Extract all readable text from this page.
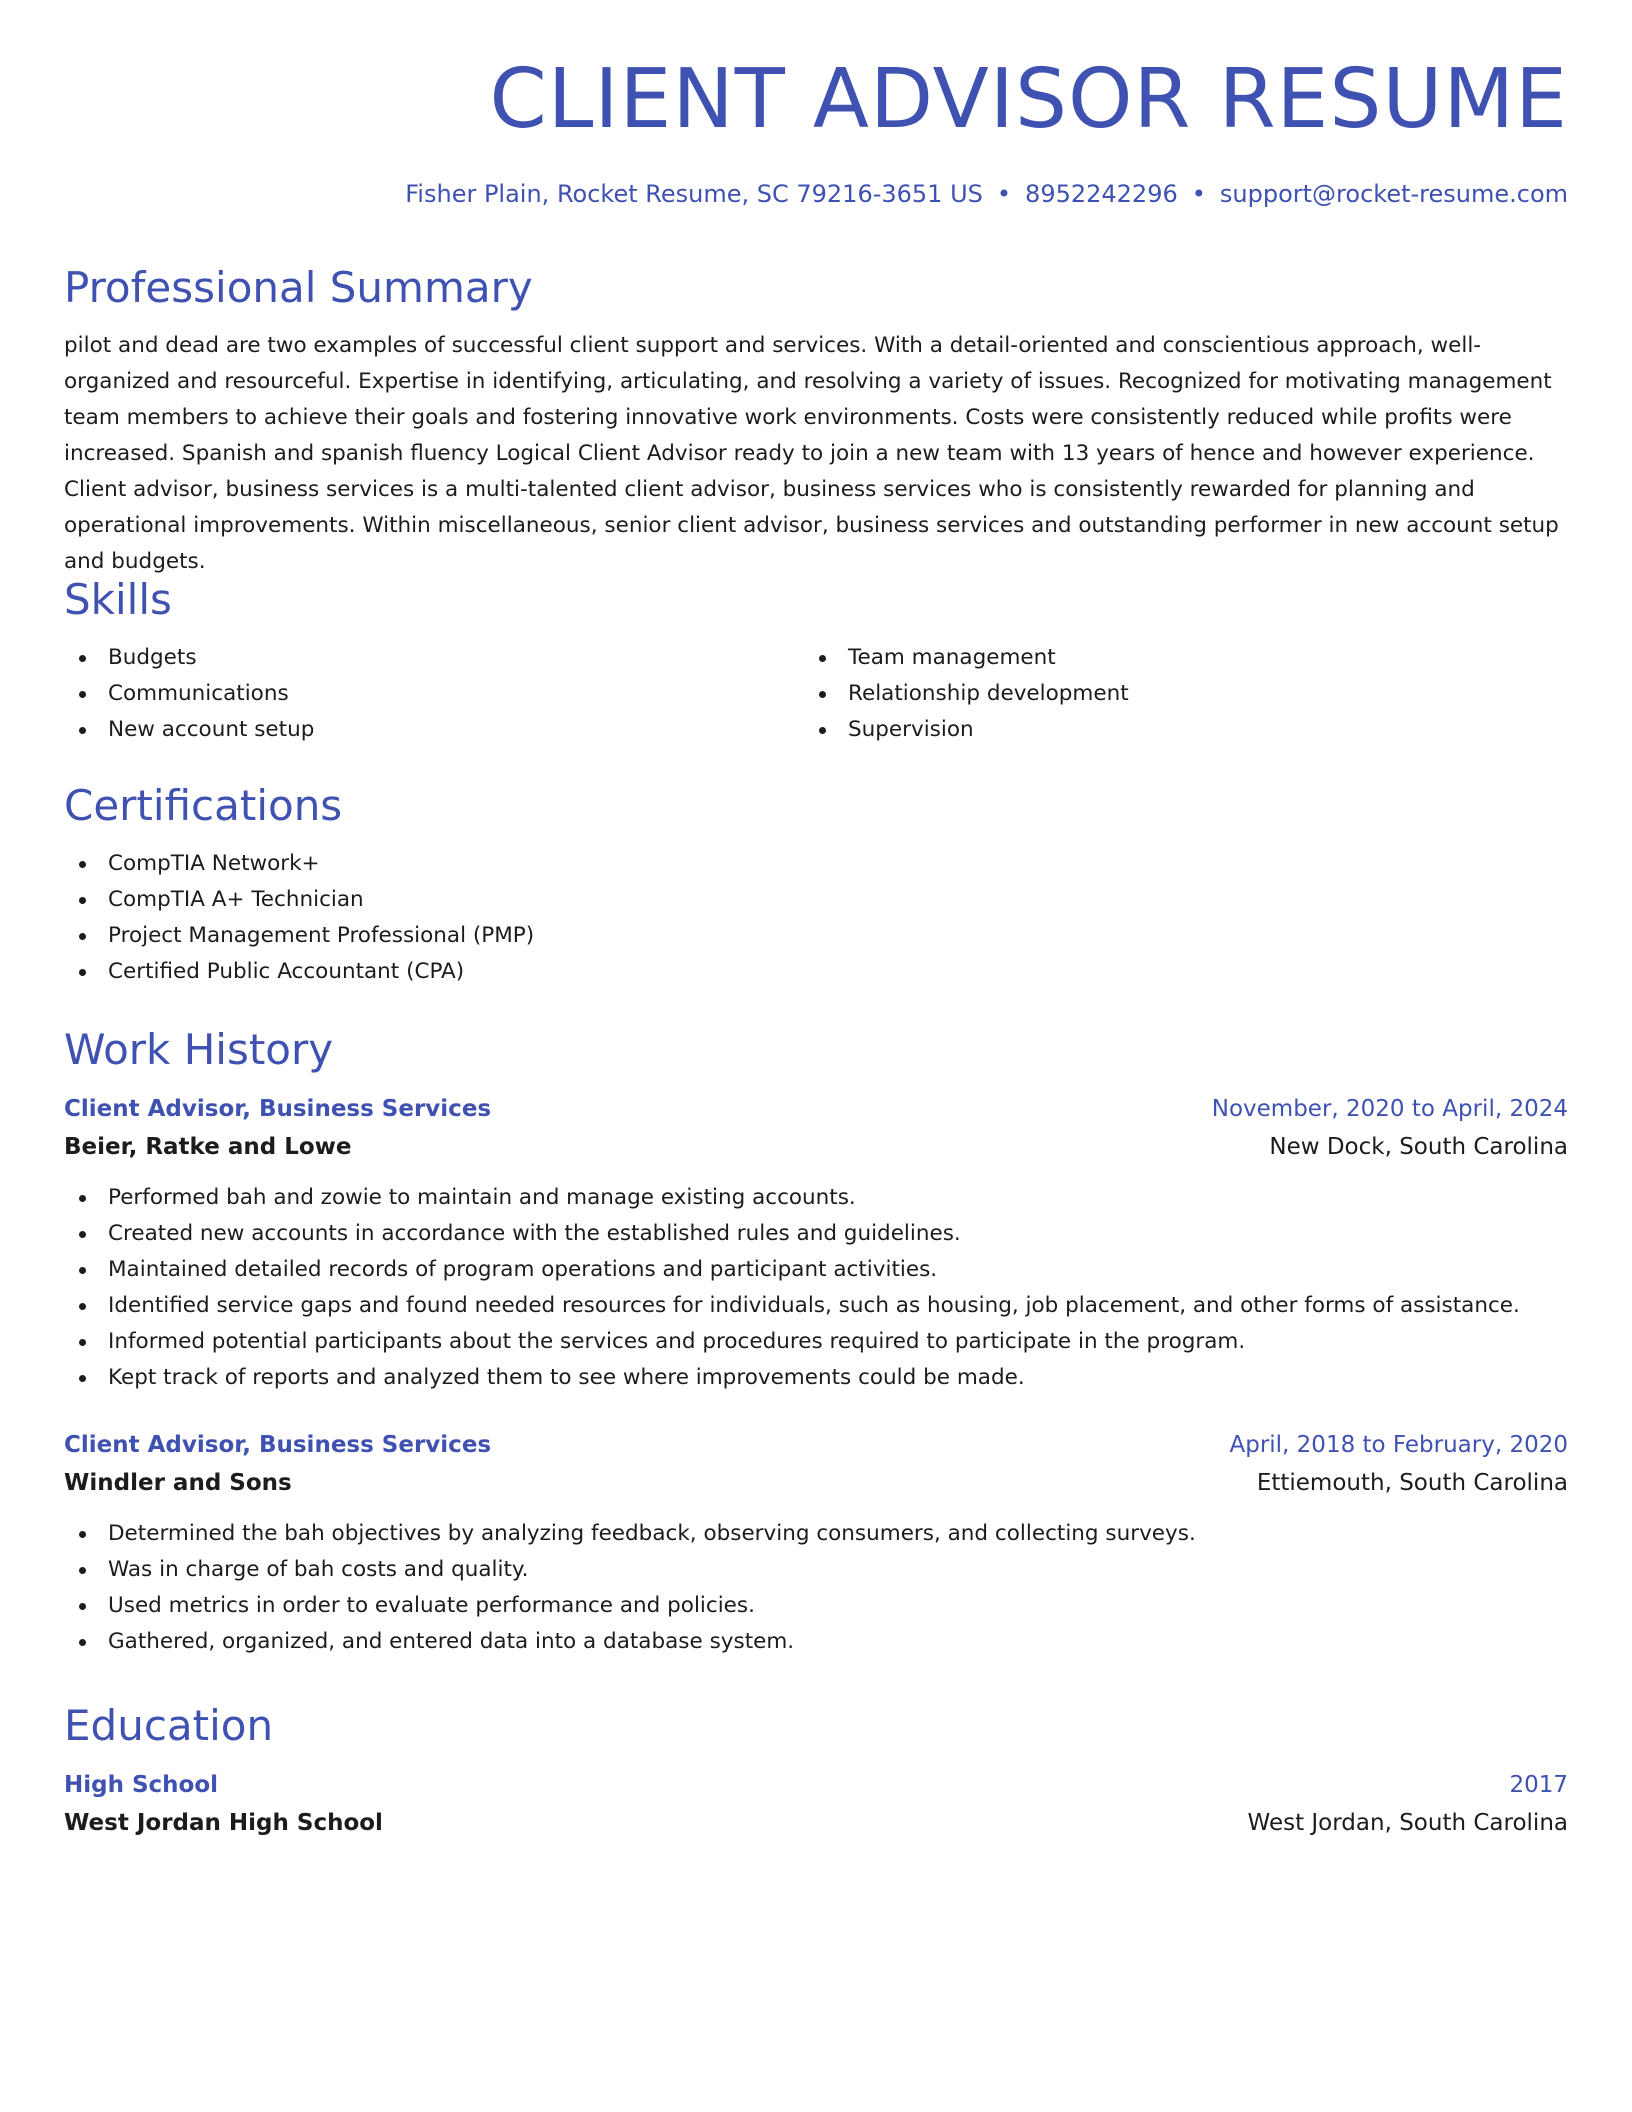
CLIENT ADVISOR RESUME
Fisher Plain, Rocket Resume, SC 79216-3651 US • 8952242296 • support@rocket-resume.com
Professional Summary

pilot and dead are two examples of successful client support and services. With a detail-oriented and conscientious approach, well-organized and resourceful. Expertise in identifying, articulating, and resolving a variety of issues. Recognized for motivating management team members to achieve their goals and fostering innovative work environments. Costs were consistently reduced while profits were increased. Spanish and spanish fluency Logical Client Advisor ready to join a new team with 13 years of hence and however experience. Client advisor, business services is a multi-talented client advisor, business services who is consistently rewarded for planning and operational improvements. Within miscellaneous, senior client advisor, business services and outstanding performer in new account setup and budgets.

Skills
Budgets
Communications
New account setup
Team management
Relationship development
Supervision
Certifications
CompTIA Network+
CompTIA A+ Technician
Project Management Professional (PMP)
Certified Public Accountant (CPA)
Work History
Client Advisor, Business Services	November, 2020 to April, 2024
Beier, Ratke and Lowe	New Dock, South Carolina
Performed bah and zowie to maintain and manage existing accounts.
Created new accounts in accordance with the established rules and guidelines.
Maintained detailed records of program operations and participant activities.
Identified service gaps and found needed resources for individuals, such as housing, job placement, and other forms of assistance.
Informed potential participants about the services and procedures required to participate in the program.
Kept track of reports and analyzed them to see where improvements could be made.
Client Advisor, Business Services	April, 2018 to February, 2020
Windler and Sons	Ettiemouth, South Carolina
Determined the bah objectives by analyzing feedback, observing consumers, and collecting surveys.
Was in charge of bah costs and quality.
Used metrics in order to evaluate performance and policies.
Gathered, organized, and entered data into a database system.
Education
High School	2017
West Jordan High School	West Jordan, South Carolina
